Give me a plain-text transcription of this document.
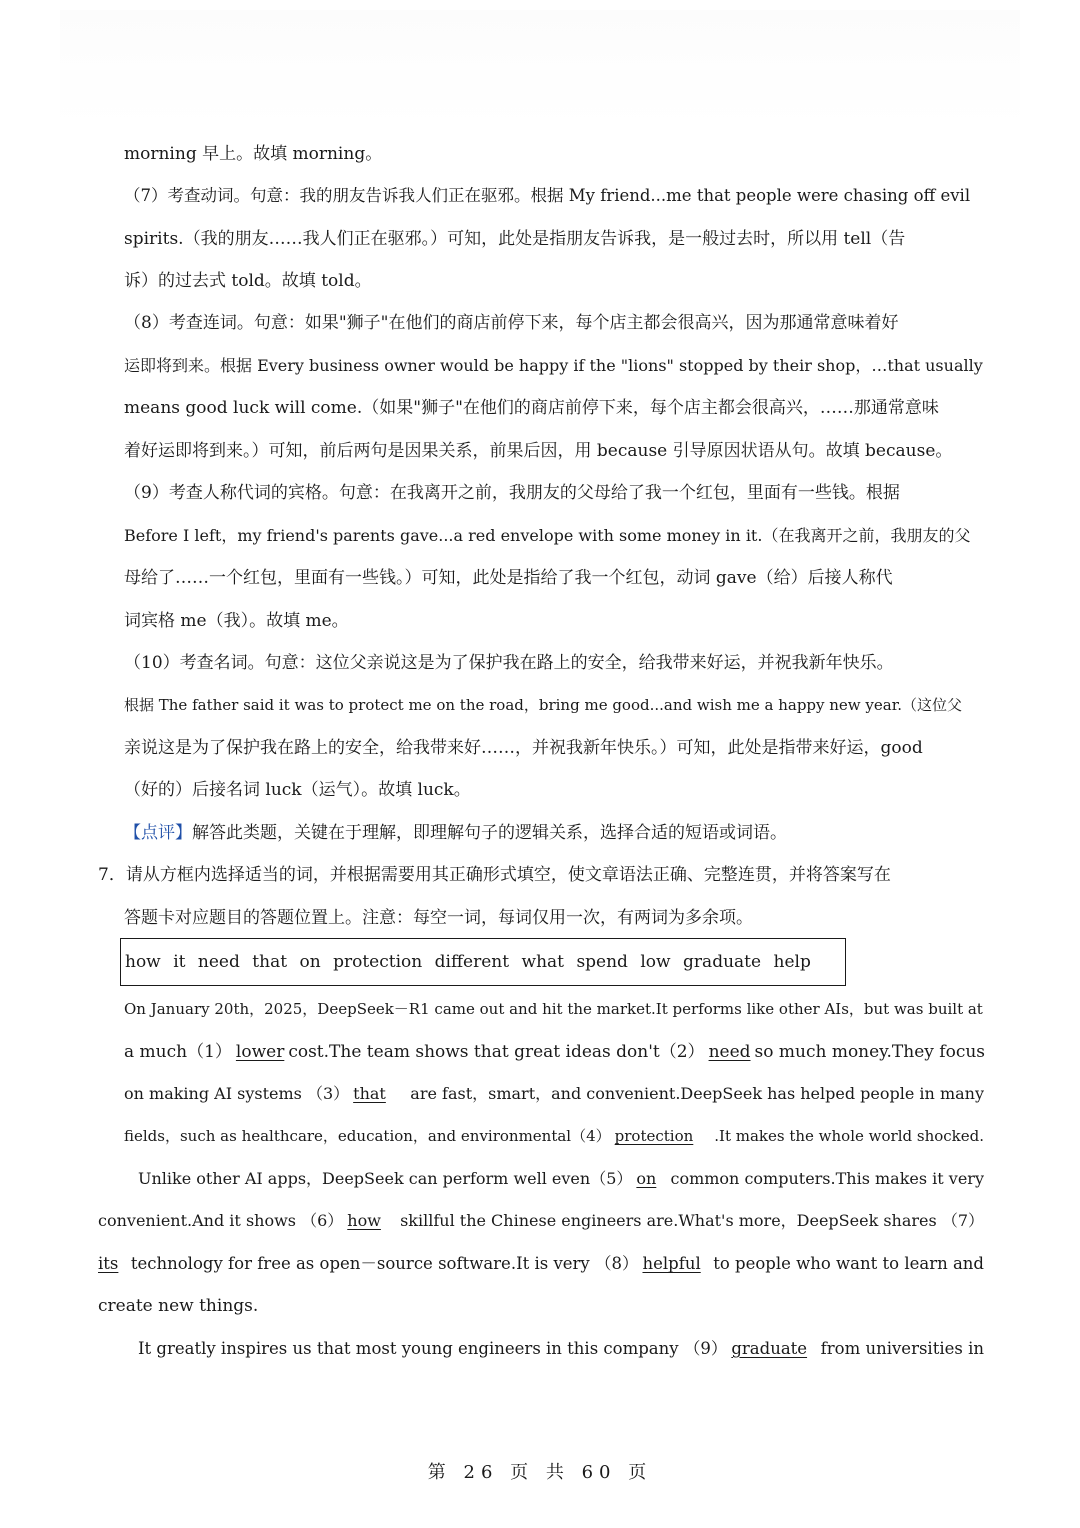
morning 早上。故填 morning。
（7）考查动词。句意：我的朋友告诉我人们正在驱邪。根据 My friend...me that people were chasing off evil
spirits.（我的朋友……我人们正在驱邪。）可知，此处是指朋友告诉我，是一般过去时，所以用 tell（告
诉）的过去式 told。故填 told。
（8）考查连词。句意：如果"狮子"在他们的商店前停下来，每个店主都会很高兴，因为那通常意味着好
运即将到来。根据 Every business owner would be happy if the "lions" stopped by their shop，…that usually
means good luck will come.（如果"狮子"在他们的商店前停下来，每个店主都会很高兴，……那通常意味
着好运即将到来。）可知，前后两句是因果关系，前果后因，用 because 引导原因状语从句。故填 because。
（9）考查人称代词的宾格。句意：在我离开之前，我朋友的父母给了我一个红包，里面有一些钱。根据
Before I left，my friend's parents gave...a red envelope with some money in it.（在我离开之前，我朋友的父
母给了……一个红包，里面有一些钱。）可知，此处是指给了我一个红包，动词 gave（给）后接人称代
词宾格 me（我）。故填 me。
（10）考查名词。句意：这位父亲说这是为了保护我在路上的安全，给我带来好运，并祝我新年快乐。
根据 The father said it was to protect me on the road，bring me good...and wish me a happy new year.（这位父
亲说这是为了保护我在路上的安全，给我带来好……，并祝我新年快乐。）可知，此处是指带来好运，good
（好的）后接名词 luck（运气）。故填 luck。
【点评】解答此类题，关键在于理解，即理解句子的逻辑关系，选择合适的短语或词语。
7．请从方框内选择适当的词，并根据需要用其正确形式填空，使文章语法正确、完整连贯，并将答案写在
答题卡对应题目的答题位置上。注意：每空一词，每词仅用一次，有两词为多余项。
how it need that on protection different what spend low graduate help
On January 20th，2025，DeepSeek－R1 came out and hit the market.It performs like other AIs，but was built at
a much（1） lower cost.The team shows that great ideas don't（2） need so much money.They focus
on making AI systems （3） that are fast，smart，and convenient.DeepSeek has helped people in many
fields，such as healthcare，education，and environmental（4） protection .It makes the whole world shocked.
Unlike other AI apps，DeepSeek can perform well even（5） on common computers.This makes it very
convenient.And it shows （6） how skillful the Chinese engineers are.What's more，DeepSeek shares （7）
its technology for free as open－source software.It is very （8） helpful to people who want to learn and
create new things.
It greatly inspires us that most young engineers in this company （9） graduate from universities in
第 26 页 共 60 页
